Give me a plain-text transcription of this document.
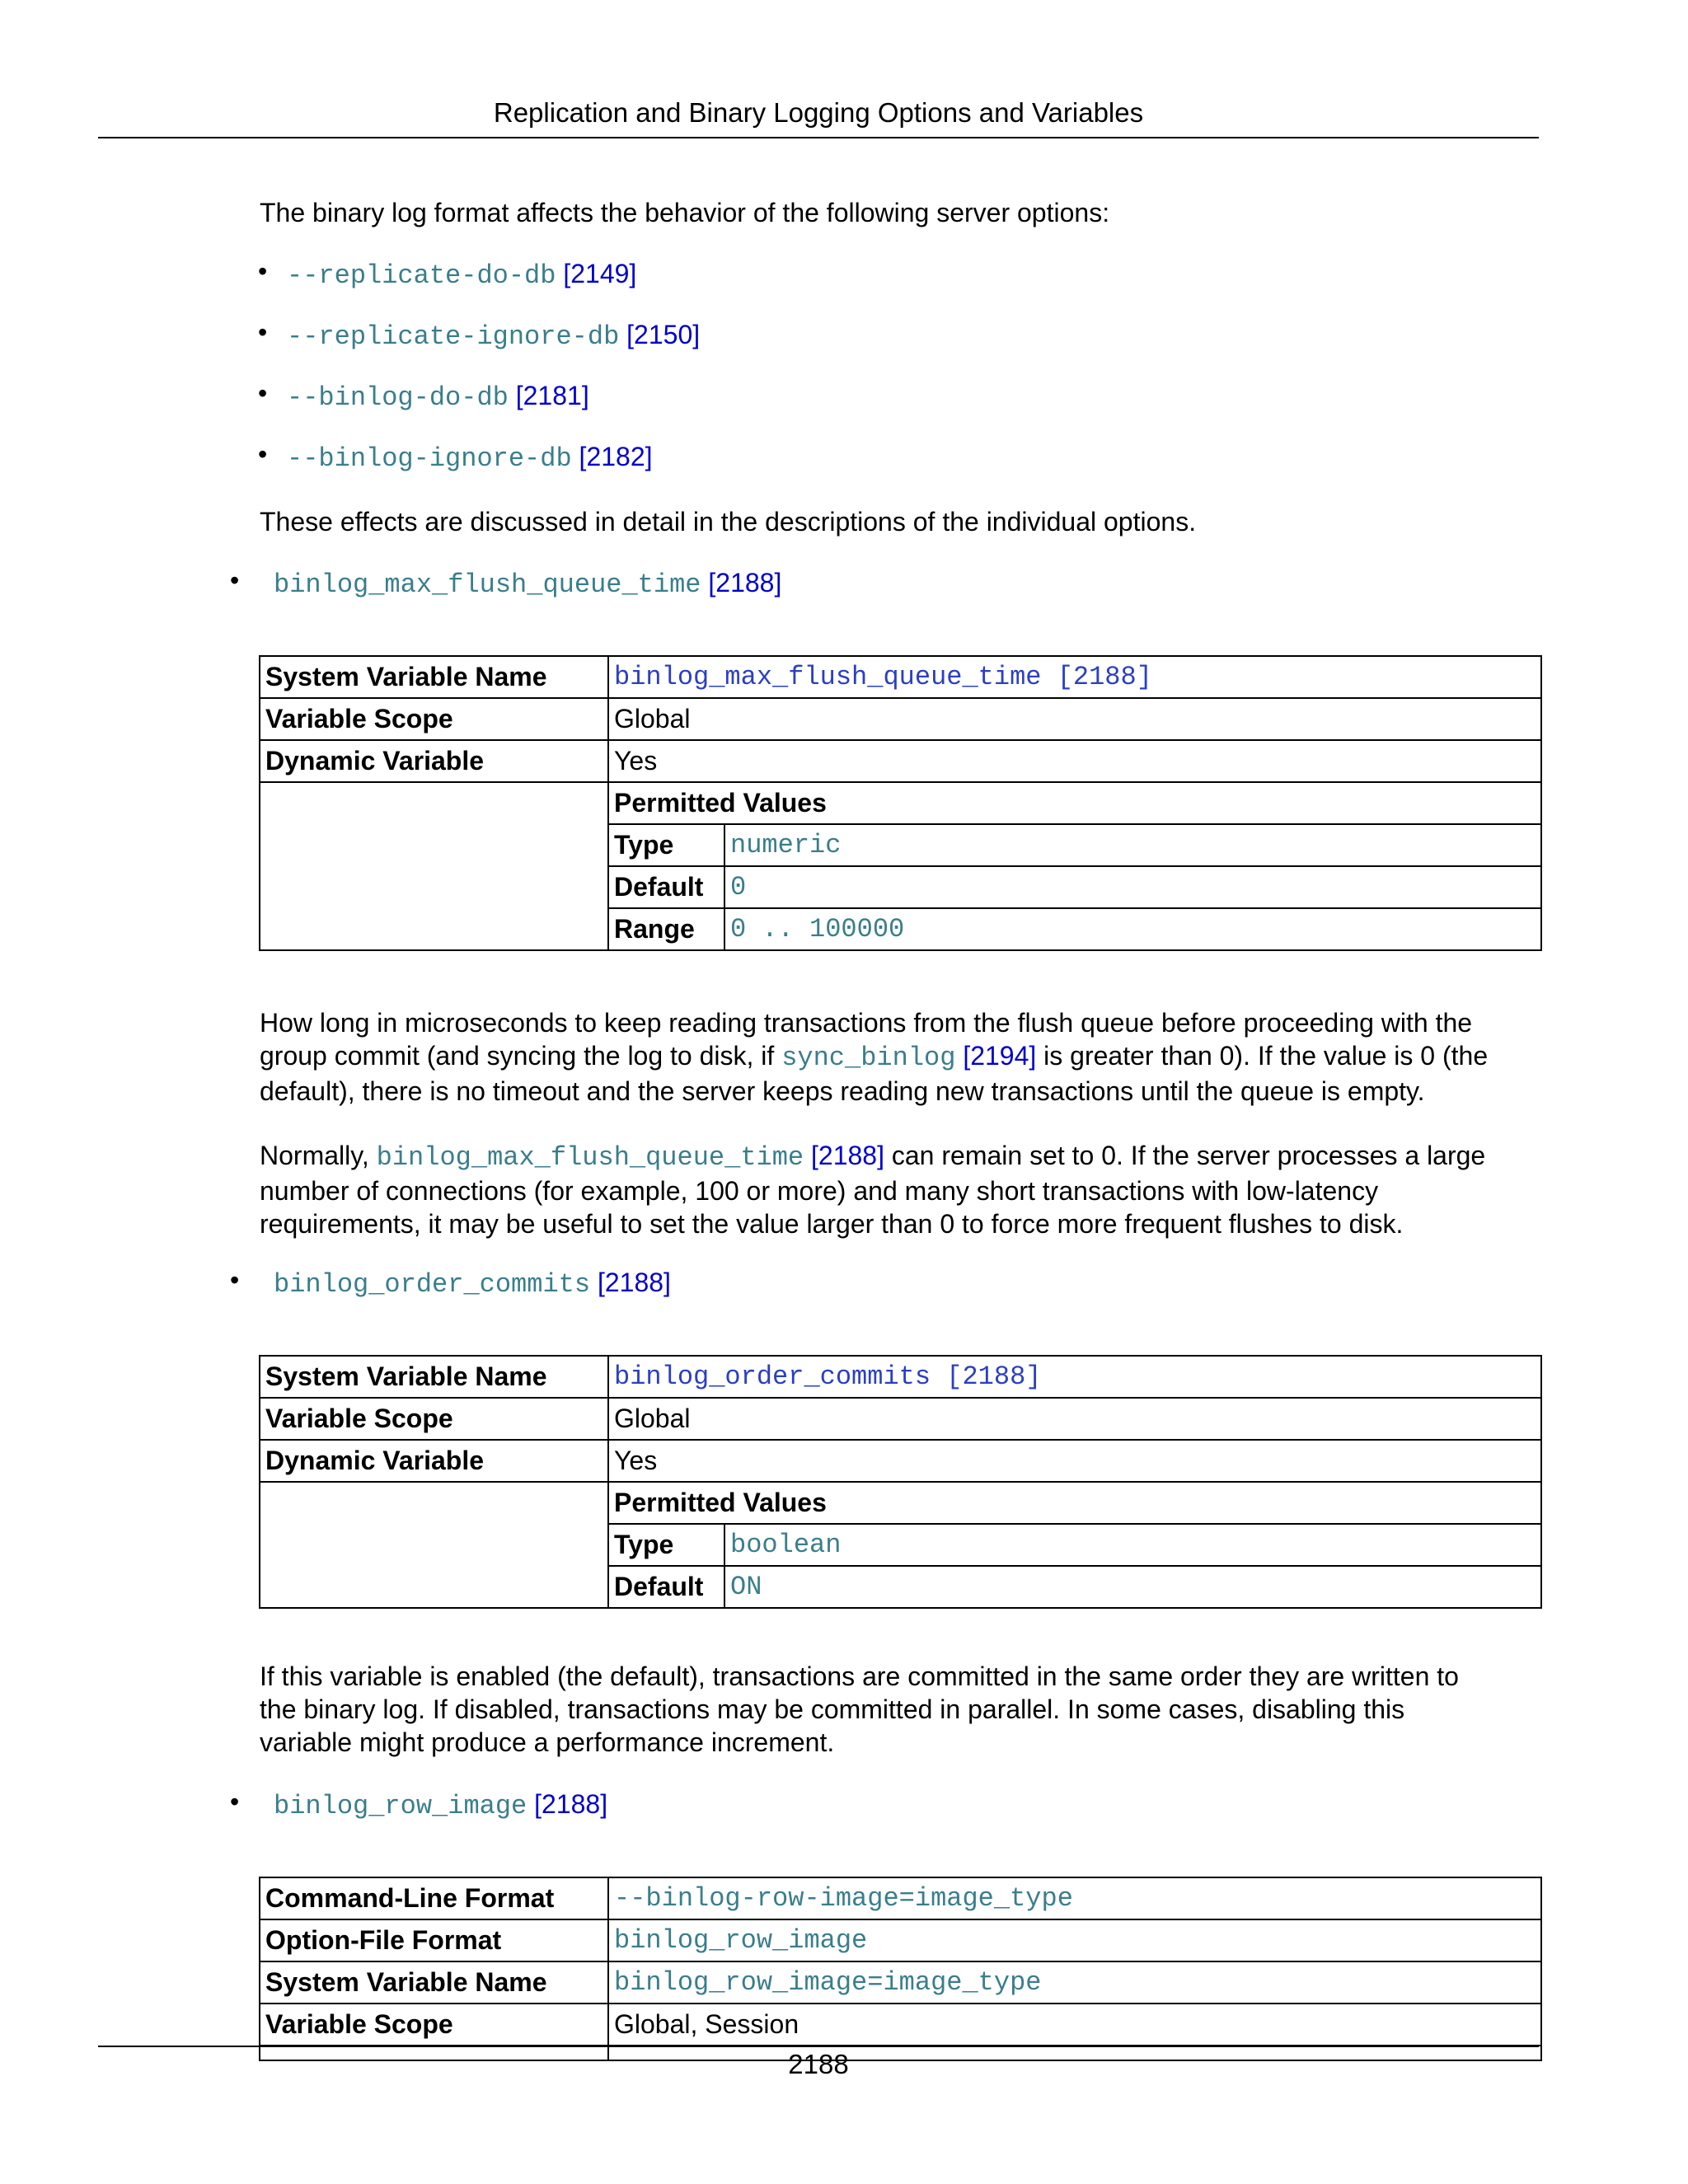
Replication and Binary Logging Options and Variables
The binary log format affects the behavior of the following server options:
• --replicate-do-db [2149]
• --replicate-ignore-db [2150]
• --binlog-do-db [2181]
• --binlog-ignore-db [2182]
These effects are discussed in detail in the descriptions of the individual options.
• binlog_max_flush_queue_time [2188]
System Variable Name	binlog_max_flush_queue_time [2188]	
Variable Scope	Global	
Dynamic Variable	Yes	
	Permitted Values	
	Type	numeric
	Default	0
	Range	0 .. 100000
How long in microseconds to keep reading transactions from the flush queue before proceeding with the group commit (and syncing the log to disk, if sync_binlog [2194] is greater than 0). If the value is 0 (the default), there is no timeout and the server keeps reading new transactions until the queue is empty.
Normally, binlog_max_flush_queue_time [2188] can remain set to 0. If the server processes a large number of connections (for example, 100 or more) and many short transactions with low-latency requirements, it may be useful to set the value larger than 0 to force more frequent flushes to disk.
• binlog_order_commits [2188]
System Variable Name	binlog_order_commits [2188]	
Variable Scope	Global	
Dynamic Variable	Yes	
	Permitted Values	
	Type	boolean
	Default	ON
If this variable is enabled (the default), transactions are committed in the same order they are written to the binary log. If disabled, transactions may be committed in parallel. In some cases, disabling this variable might produce a performance increment.
• binlog_row_image [2188]
Command-Line Format	--binlog-row-image=image_type
Option-File Format	binlog_row_image
System Variable Name	binlog_row_image=image_type
Variable Scope	Global, Session

2188
